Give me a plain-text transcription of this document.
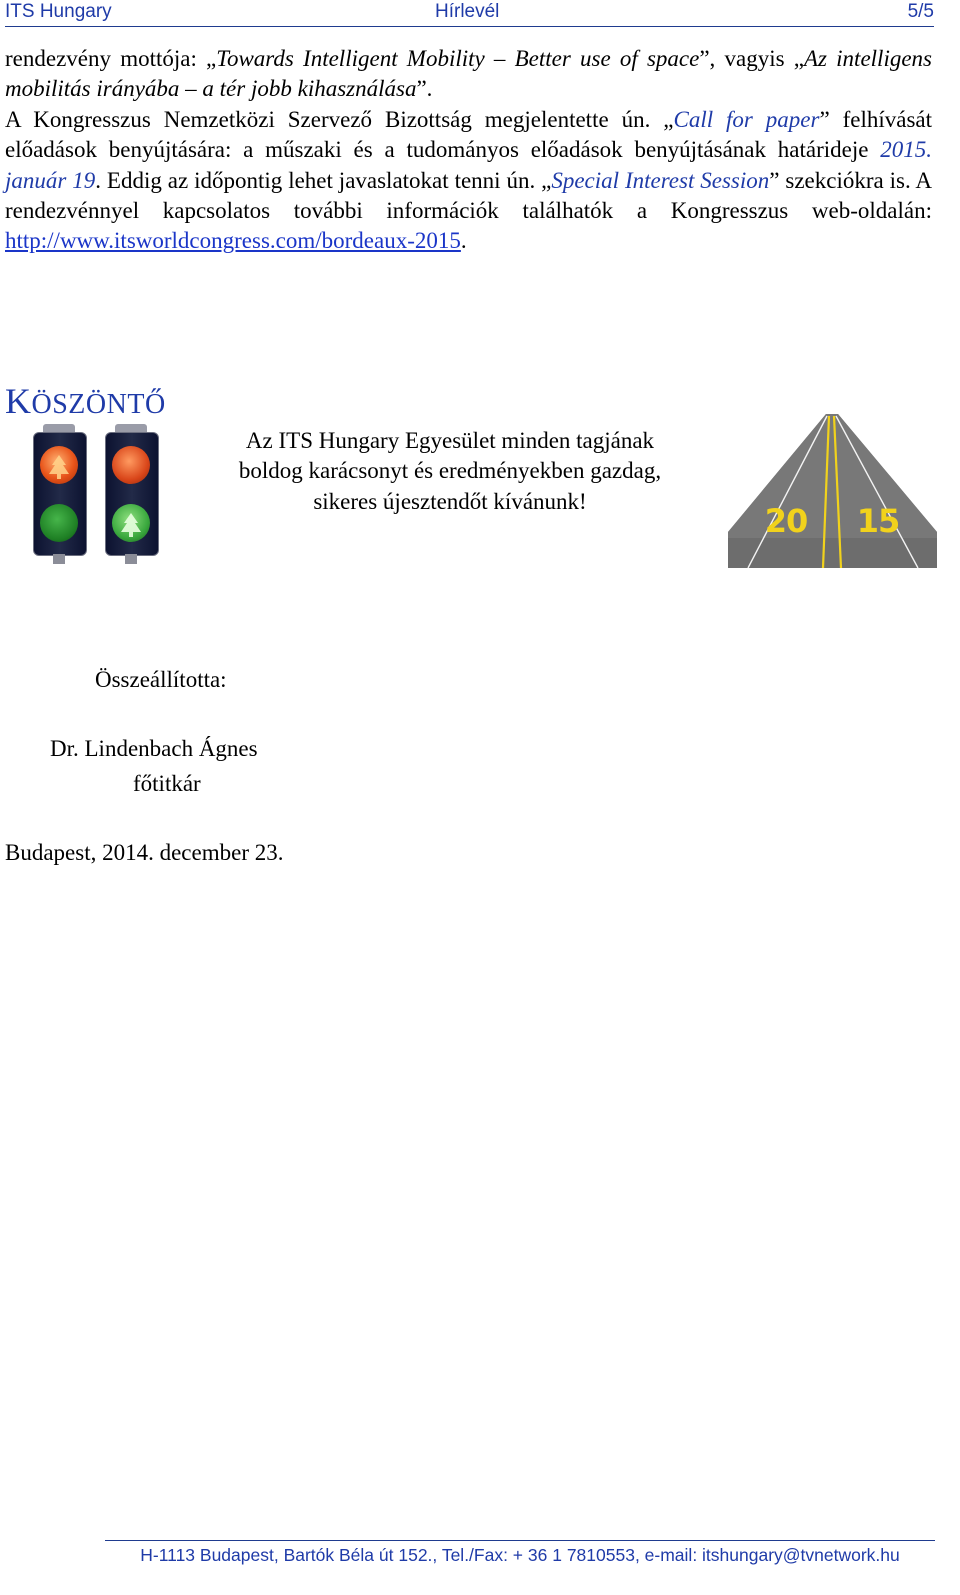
ITS Hungary	Hírlevél	5/5

rendezvény mottója: „Towards Intelligent Mobility – Better use of space”, vagyis „Az intelligens mobilitás irányába – a tér jobb kihasználása”.

A Kongresszus Nemzetközi Szervező Bizottság megjelentette ún. „Call for paper” felhívását előadások benyújtására: a műszaki és a tudományos előadások benyújtásának határideje 2015. január 19. Eddig az időpontig lehet javaslatokat tenni ún. „Special Interest Session” szekciókra is. A rendezvénnyel kapcsolatos további információk találhatók a Kongresszus web-oldalán:

http://www.itsworldcongress.com/bordeaux-2015.

KÖSZÖNTŐ
Az ITS Hungary Egyesület minden tagjának
boldog karácsonyt és eredményekben gazdag,
sikeres újesztendőt kívánunk!
20 15
Összeállította:
Dr. Lindenbach Ágnes
főtitkár
Budapest, 2014. december 23.
H-1113 Budapest, Bartók Béla út 152., Tel./Fax: + 36 1 7810553, e-mail: itshungary@tvnetwork.hu
